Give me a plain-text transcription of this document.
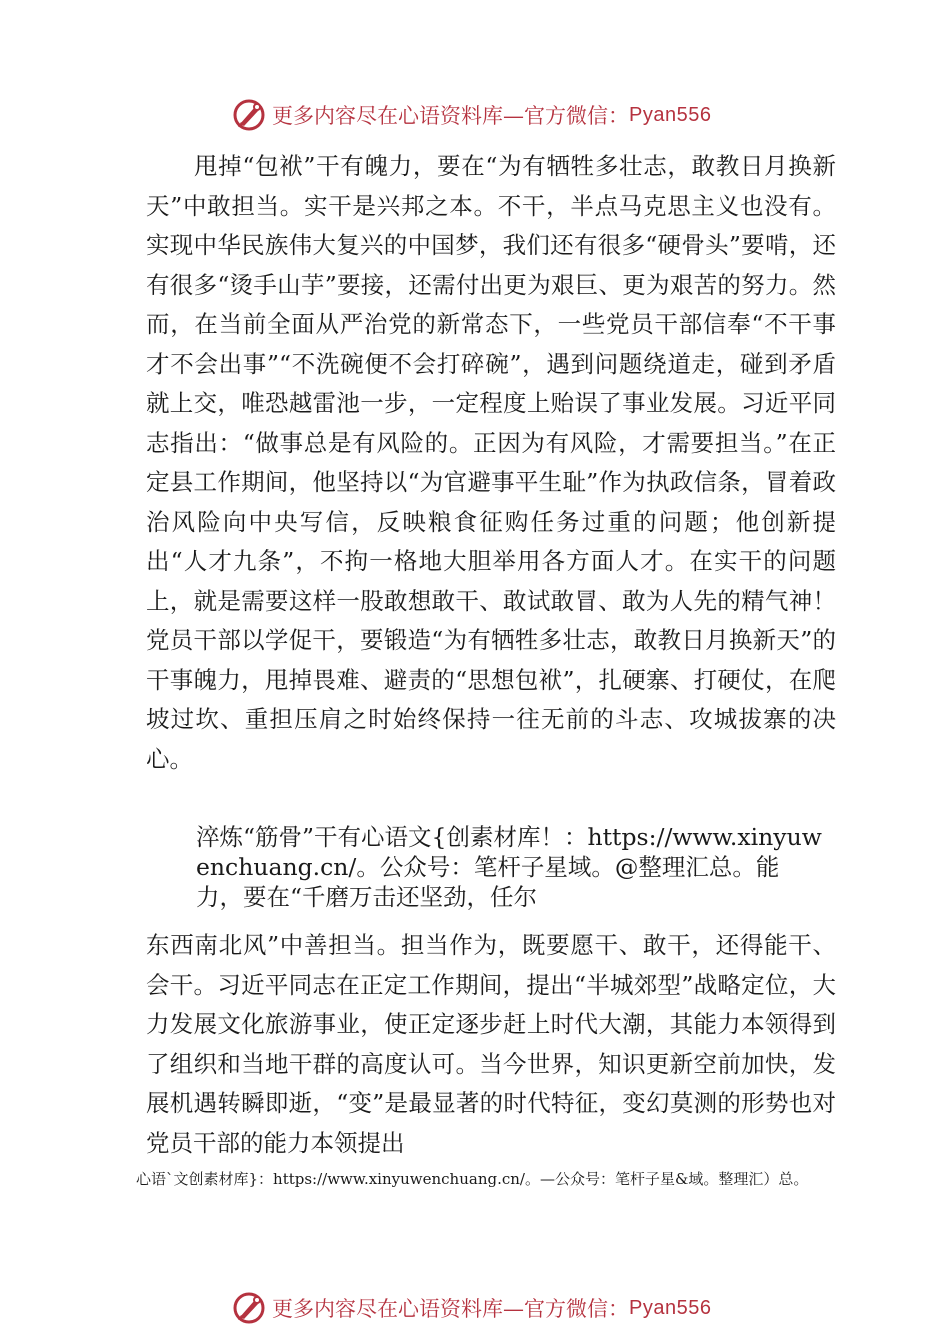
更多内容尽在心语资料库—官方微信： Pyan556

甩掉“包袱”干有魄力，要在“为有牺牲多壮志，敢教日月换新天”中敢担当。实干是兴邦之本。不干，半点马克思主义也没有。实现中华民族伟大复兴的中国梦，我们还有很多“硬骨头”要啃，还有很多“烫手山芋”要接，还需付出更为艰巨、更为艰苦的努力。然而，在当前全面从严治党的新常态下，一些党员干部信奉“不干事才不会出事”“不洗碗便不会打碎碗”，遇到问题绕道走，碰到矛盾就上交，唯恐越雷池一步，一定程度上贻误了事业发展。习近平同志指出：“做事总是有风险的。正因为有风险，才需要担当。”在正定县工作期间，他坚持以“为官避事平生耻”作为执政信条，冒着政治风险向中央写信，反映粮食征购任务过重的问题；他创新提出“人才九条”，不拘一格地大胆举用各方面人才。在实干的问题上，就是需要这样一股敢想敢干、敢试敢冒、敢为人先的精气神！党员干部以学促干，要锻造“为有牺牲多壮志，敢教日月换新天”的干事魄力，甩掉畏难、避责的“思想包袱”，扎硬寨、打硬仗，在爬坡过坎、重担压肩之时始终保持一往无前的斗志、攻城拔寨的决心。

淬炼“筋骨”干有心语文{创素材库！：https://www.xinyuwenchuang.cn/。公众号：笔杆子星域。@整理汇总。能力，要在“千磨万击还坚劲，任尔

东西南北风”中善担当。担当作为，既要愿干、敢干，还得能干、会干。习近平同志在正定工作期间，提出“半城郊型”战略定位，大力发展文化旅游事业，使正定逐步赶上时代大潮，其能力本领得到了组织和当地干群的高度认可。当今世界，知识更新空前加快，发展机遇转瞬即逝，“变”是最显著的时代特征，变幻莫测的形势也对党员干部的能力本领提出

心语`文创素材库}：https://www.xinyuwenchuang.cn/。—公众号：笔杆子星&域。整理汇）总。

更多内容尽在心语资料库—官方微信： Pyan556
